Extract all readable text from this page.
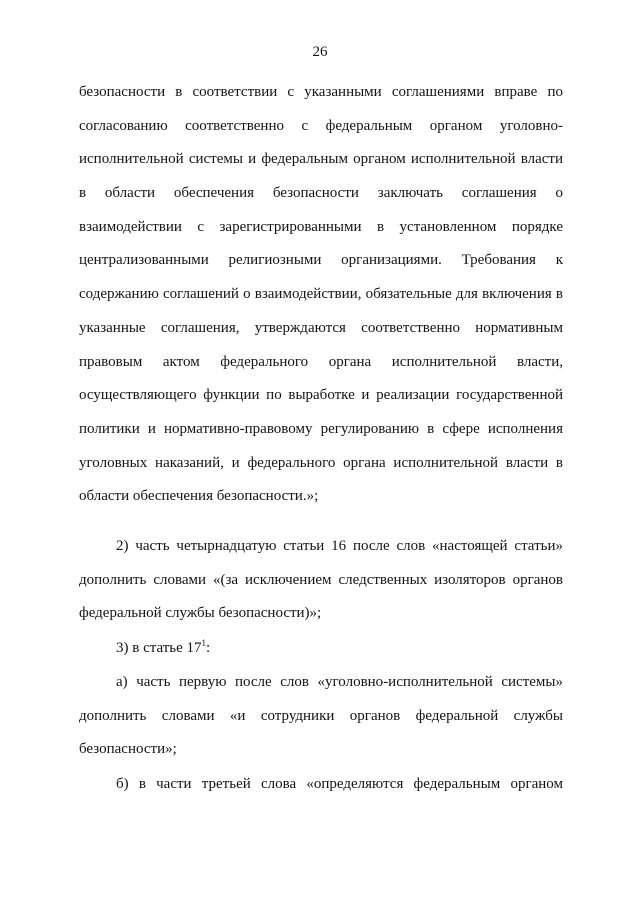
26
безопасности в соответствии с указанными соглашениями вправе по
согласованию соответственно с федеральным органом уголовно-
исполнительной системы и федеральным органом исполнительной власти
в области обеспечения безопасности заключать соглашения о
взаимодействии с зарегистрированными в установленном порядке
централизованными религиозными организациями. Требования к
содержанию соглашений о взаимодействии, обязательные для включения в
указанные соглашения, утверждаются соответственно нормативным
правовым актом федерального органа исполнительной власти,
осуществляющего функции по выработке и реализации государственной
политики и нормативно-правовому регулированию в сфере исполнения
уголовных наказаний, и федерального органа исполнительной власти в
области обеспечения безопасности.»;
2) часть четырнадцатую статьи 16 после слов «настоящей статьи»
дополнить словами «(за исключением следственных изоляторов органов
федеральной службы безопасности)»;
3) в статье $17^1$:
а) часть первую после слов «уголовно-исполнительной системы»
дополнить словами «и сотрудники органов федеральной службы
безопасности»;
б) в части третьей слова «определяются федеральным органом
